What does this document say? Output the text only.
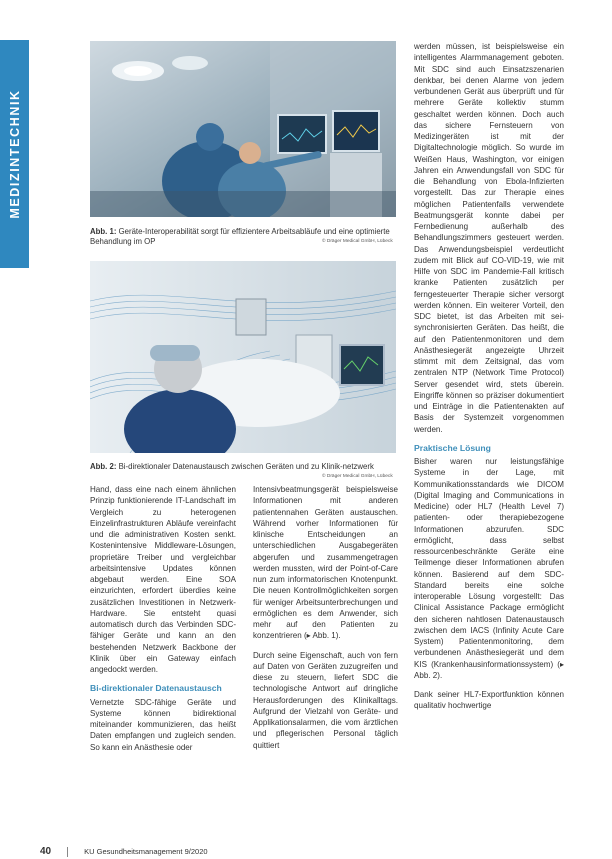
MEDIZINTECHNIK
Abb. 1: Geräte-Interoperabilität sorgt für effizientere Arbeitsabläufe und eine optimierte Behandlung im OP	© Dräger Medical GmbH, Lübeck
Abb. 2: Bi-direktionaler Datenaustausch zwischen Geräten und zu Klinik-netzwerk
© Dräger Medical GmbH, Lübeck

Hand, dass eine nach einem ähnlichen Prinzip funktionierende IT-Landschaft im Vergleich zu heterogenen Einzelinfrastrukturen Abläufe vereinfacht und die administrativen Kosten senkt. Kostenintensive Middleware-Lösungen, proprietäre Treiber und vergleichbar arbeitsintensive Updates können abgebaut werden. Eine SOA einzurichten, erfordert überdies keine zusätzlichen Investitionen in Netzwerk-Hardware. Sie entsteht quasi automatisch durch das Verbinden SDC-fähiger Geräte und kann an den bestehenden Netzwerk Backbone der Klinik über ein Gateway einfach angedockt werden.

Bi-direktionaler Datenaustausch

Vernetzte SDC-fähige Geräte und Systeme können bidirektional miteinander kommunizieren, das heißt Daten empfangen und zugleich senden. So kann ein Anästhesie oder

Intensivbeatmungsgerät beispielsweise Informationen mit anderen patientennahen Geräten austauschen. Während vorher Informationen für klinische Entscheidungen an unterschiedlichen Ausgabegeräten abgerufen und zusammengetragen werden mussten, wird der Point-of-Care nun zum informatorischen Knotenpunkt. Die neuen Kontrollmöglichkeiten sorgen für weniger Arbeitsunterbrechungen und ermöglichen es dem Anwender, sich mehr auf den Patienten zu konzentrieren (▸ Abb. 1).

Durch seine Eigenschaft, auch von fern auf Daten von Geräten zuzugreifen und diese zu steuern, liefert SDC die technologische Antwort auf dringliche Herausforderungen des Klinikalltags. Aufgrund der Vielzahl von Geräte- und Applikationsalarmen, die vom ärztlichen und pflegerischen Personal täglich quittiert

werden müssen, ist beispielsweise ein intelligentes Alarmmanagement geboten. Mit SDC sind auch Einsatzszenarien denkbar, bei denen Alarme von jedem verbundenen Gerät aus überprüft und für mehrere Geräte kollektiv stumm geschaltet werden können. Doch auch das sichere Fernsteuern von Medizingeräten ist mit der Digitaltechnologie möglich. So wurde im Weißen Haus, Washington, vor einigen Jahren ein Anwendungsfall von SDC für die Behandlung von Ebola-Infizierten vorgestellt. Das zur Therapie eines möglichen Patientenfalls verwendete Beatmungsgerät konnte dabei per Fernbedienung außerhalb des Behandlungszimmers gesteuert werden. Das Anwendungsbeispiel verdeutlicht zudem mit Blick auf CO-VID-19, wie mit Hilfe von SDC im Pandemie-Fall kritisch kranke Patienten zusätzlich per ferngesteuerter Therapie sicher versorgt werden können. Ein weiterer Vorteil, den SDC bietet, ist das Arbeiten mit sei-synchronisierten Geräten. Das heißt, die auf den Patientenmonitoren und dem Anästhesiegerät angezeigte Uhrzeit stimmt mit dem Zeitsignal, das vom zentralen NTP (Network Time Protocol) Server gesendet wird, stets überein. Eingriffe können so präziser dokumentiert und Einträge in die Patientenakten auf Basis der Systemzeit vorgenommen werden.

Praktische Lösung

Bisher waren nur leistungsfähige Systeme in der Lage, mit Kommunikationsstandards wie DICOM (Digital Imaging and Communications in Medicine) oder HL7 (Health Level 7) patienten- oder therapiebezogene Informationen abzurufen. SDC ermöglicht, dass selbst ressourcenbeschränkte Geräte eine Teilmenge dieser Informationen abrufen können. Basierend auf dem SDC-Standard bereits eine solche interoperable Lösung vorgestellt: Das Clinical Assistance Package ermöglicht den sicheren nahtlosen Datenaustausch zwischen dem IACS (Infinity Acute Care System) Patientenmonitoring, dem verbundenen Anästhesiegerät und dem KIS (Krankenhausinformationssystem) (▸ Abb. 2).

Dank seiner HL7-Exportfunktion können qualitativ hochwertige

40	KU Gesundheitsmanagement 9/2020
